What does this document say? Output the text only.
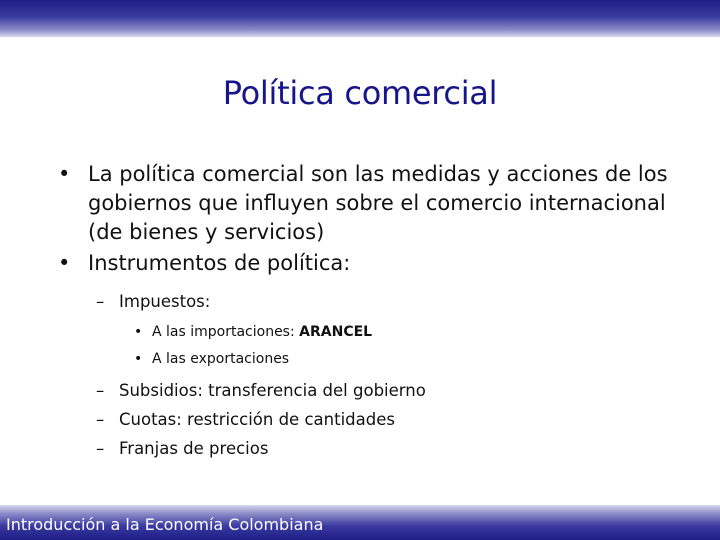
Política comercial
• La política comercial son las medidas y acciones de los gobiernos que influyen sobre el comercio internacional (de bienes y servicios)
• Instrumentos de política:
– Impuestos:
• A las importaciones: ARANCEL
• A las exportaciones
– Subsidios: transferencia del gobierno
– Cuotas: restricción de cantidades
– Franjas de precios
Introducción a la Economía Colombiana
